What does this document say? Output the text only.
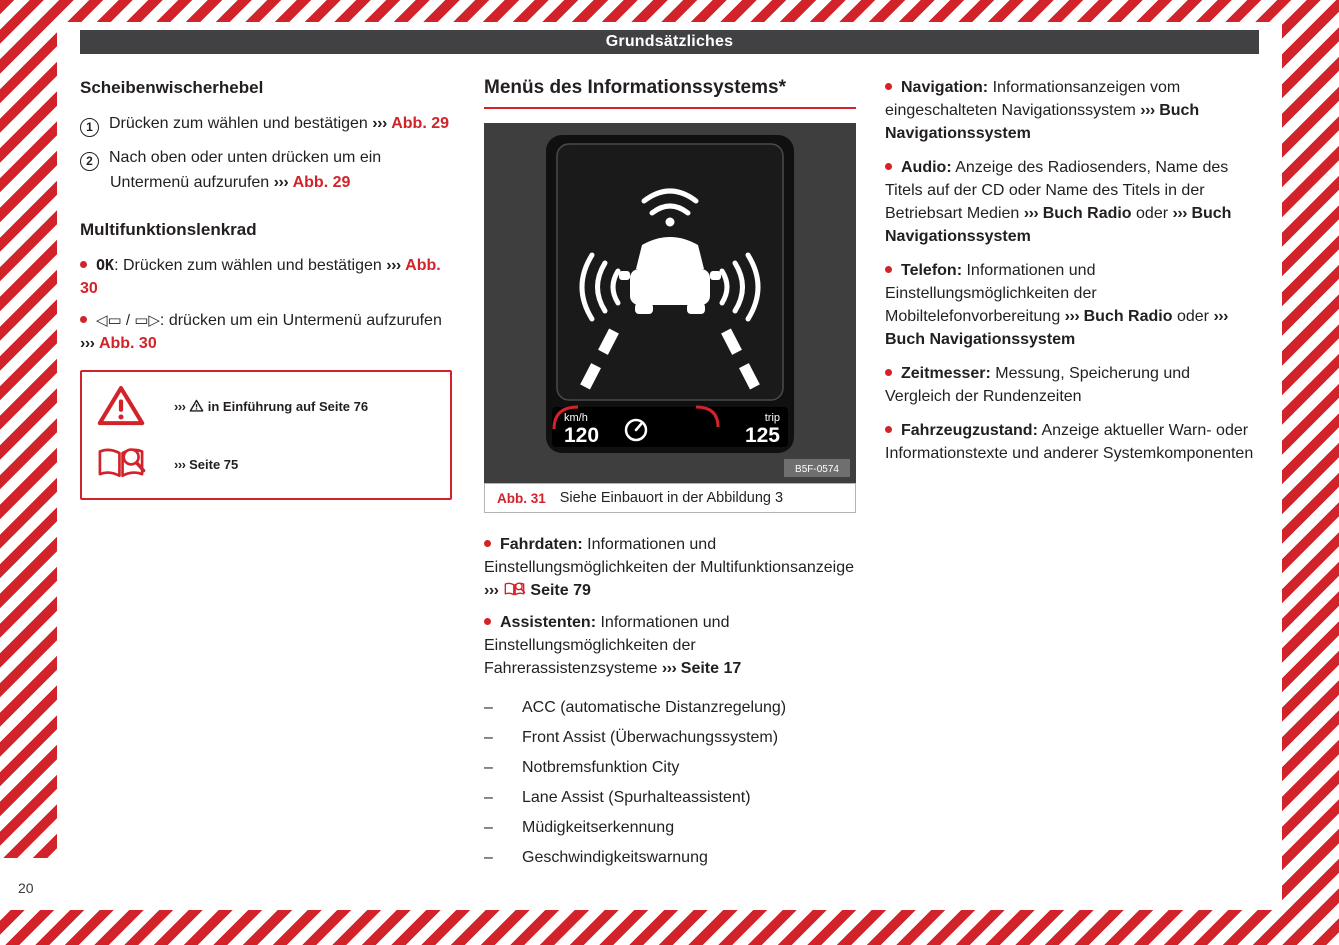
Grundsätzliches
Scheibenwischerhebel

1 Drücken zum wählen und bestätigen ››› Abb. 29

2 Nach oben oder unten drücken um ein Untermenü aufzurufen ››› Abb. 29

Multifunktionslenkrad

OK: Drücken zum wählen und bestätigen ››› Abb. 30

◁▭ / ▭▷: drücken um ein Untermenü aufzurufen ››› Abb. 30

››› in Einführung auf Seite 76

››› Seite 75

Menüs des Informationssystems*
km/h
120
trip
125
B5F-0574
Abb. 31 Siehe Einbauort in der Abbildung 3

Fahrdaten: Informationen und Einstellungsmöglichkeiten der Multifunktionsanzeige ››› Seite 79

Assistenten: Informationen und Einstellungsmöglichkeiten der Fahrerassistenzsysteme ››› Seite 17

–	ACC (automatische Distanzregelung)
–	Front Assist (Überwachungssystem)
–	Notbremsfunktion City
–	Lane Assist (Spurhalteassistent)
–	Müdigkeitserkennung
–	Geschwindigkeitswarnung

Navigation: Informationsanzeigen vom eingeschalteten Navigationssystem ››› Buch Navigationssystem

Audio: Anzeige des Radiosenders, Name des Titels auf der CD oder Name des Titels in der Betriebsart Medien ››› Buch Radio oder ››› Buch Navigationssystem

Telefon: Informationen und Einstellungsmöglichkeiten der Mobiltelefonvorbereitung ››› Buch Radio oder ››› Buch Navigationssystem

Zeitmesser: Messung, Speicherung und Vergleich der Rundenzeiten

Fahrzeugzustand: Anzeige aktueller Warn- oder Informationstexte und anderer Systemkomponenten

20
